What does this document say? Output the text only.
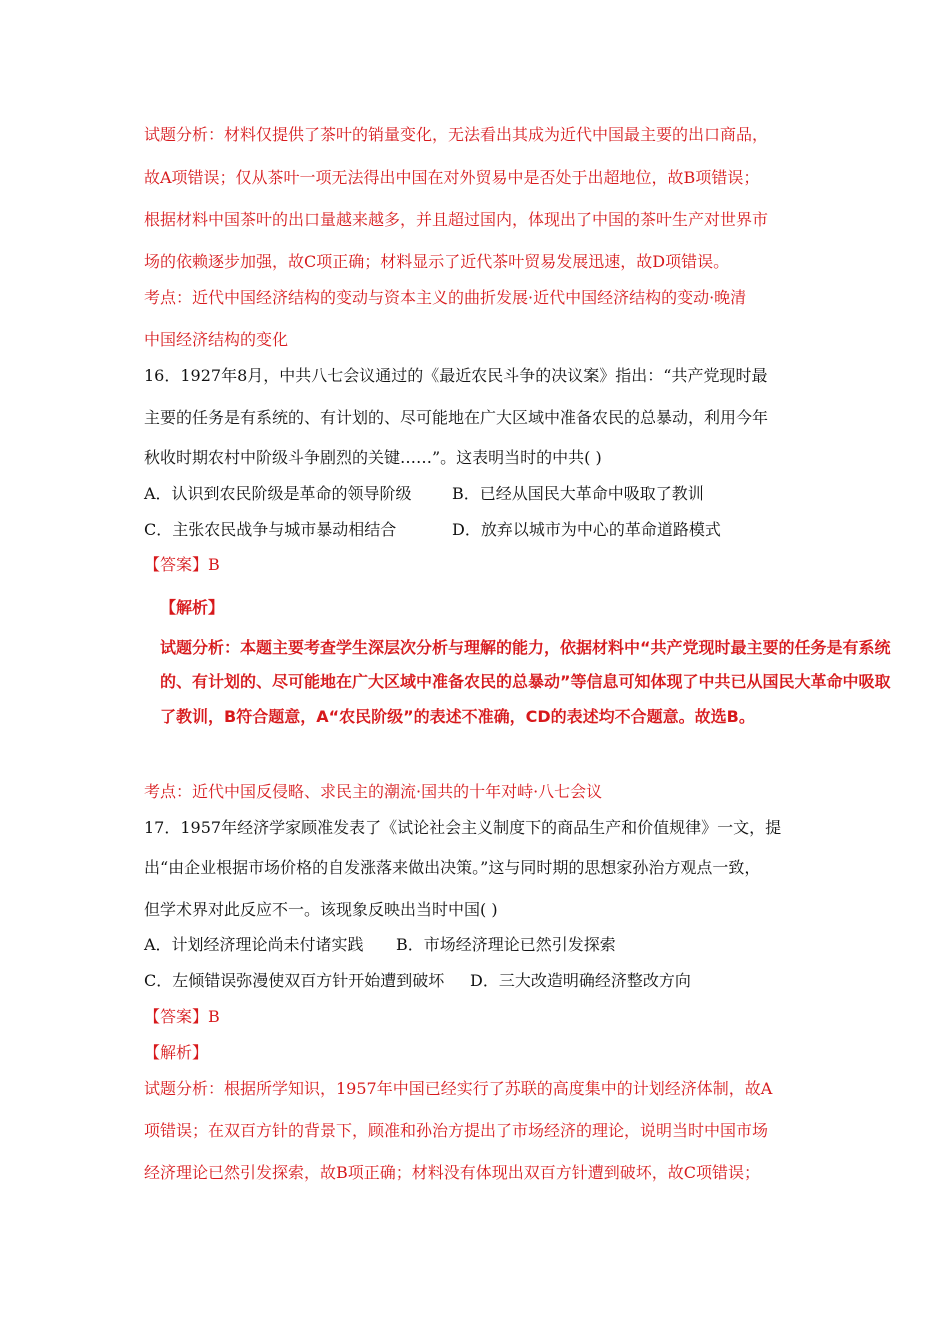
试题分析：材料仅提供了茶叶的销量变化，无法看出其成为近代中国最主要的出口商品，
故A项错误；仅从茶叶一项无法得出中国在对外贸易中是否处于出超地位，故B项错误；
根据材料中国茶叶的出口量越来越多，并且超过国内，体现出了中国的茶叶生产对世界市
场的依赖逐步加强，故C项正确；材料显示了近代茶叶贸易发展迅速，故D项错误。
考点：近代中国经济结构的变动与资本主义的曲折发展·近代中国经济结构的变动·晚清
中国经济结构的变化
16．1927年8月，中共八七会议通过的《最近农民斗争的决议案》指出：“共产党现时最
主要的任务是有系统的、有计划的、尽可能地在广大区域中准备农民的总暴动，利用今年
秋收时期农村中阶级斗争剧烈的关键……”。这表明当时的中共( )
A．认识到农民阶级是革命的领导阶级	B．已经从国民大革命中吸取了教训
C．主张农民战争与城市暴动相结合	D．放弃以城市为中心的革命道路模式
【答案】B
【解析】
试题分析：本题主要考查学生深层次分析与理解的能力，依据材料中“共产党现时最主要的任务是有系统
的、有计划的、尽可能地在广大区域中准备农民的总暴动”等信息可知体现了中共已从国民大革命中吸取
了教训，B符合题意，A“农民阶级”的表述不准确，CD的表述均不合题意。故选B。
考点：近代中国反侵略、求民主的潮流·国共的十年对峙·八七会议
17．1957年经济学家顾准发表了《试论社会主义制度下的商品生产和价值规律》一文，提
出“由企业根据市场价格的自发涨落来做出决策。”这与同时期的思想家孙治方观点一致，
但学术界对此反应不一。该现象反映出当时中国( )
A．计划经济理论尚未付诸实践 B．市场经济理论已然引发探索
C．左倾错误弥漫使双百方针开始遭到破坏 D．三大改造明确经济整改方向
【答案】B
【解析】
试题分析：根据所学知识，1957年中国已经实行了苏联的高度集中的计划经济体制，故A
项错误；在双百方针的背景下，顾准和孙治方提出了市场经济的理论，说明当时中国市场
经济理论已然引发探索，故B项正确；材料没有体现出双百方针遭到破坏，故C项错误；
